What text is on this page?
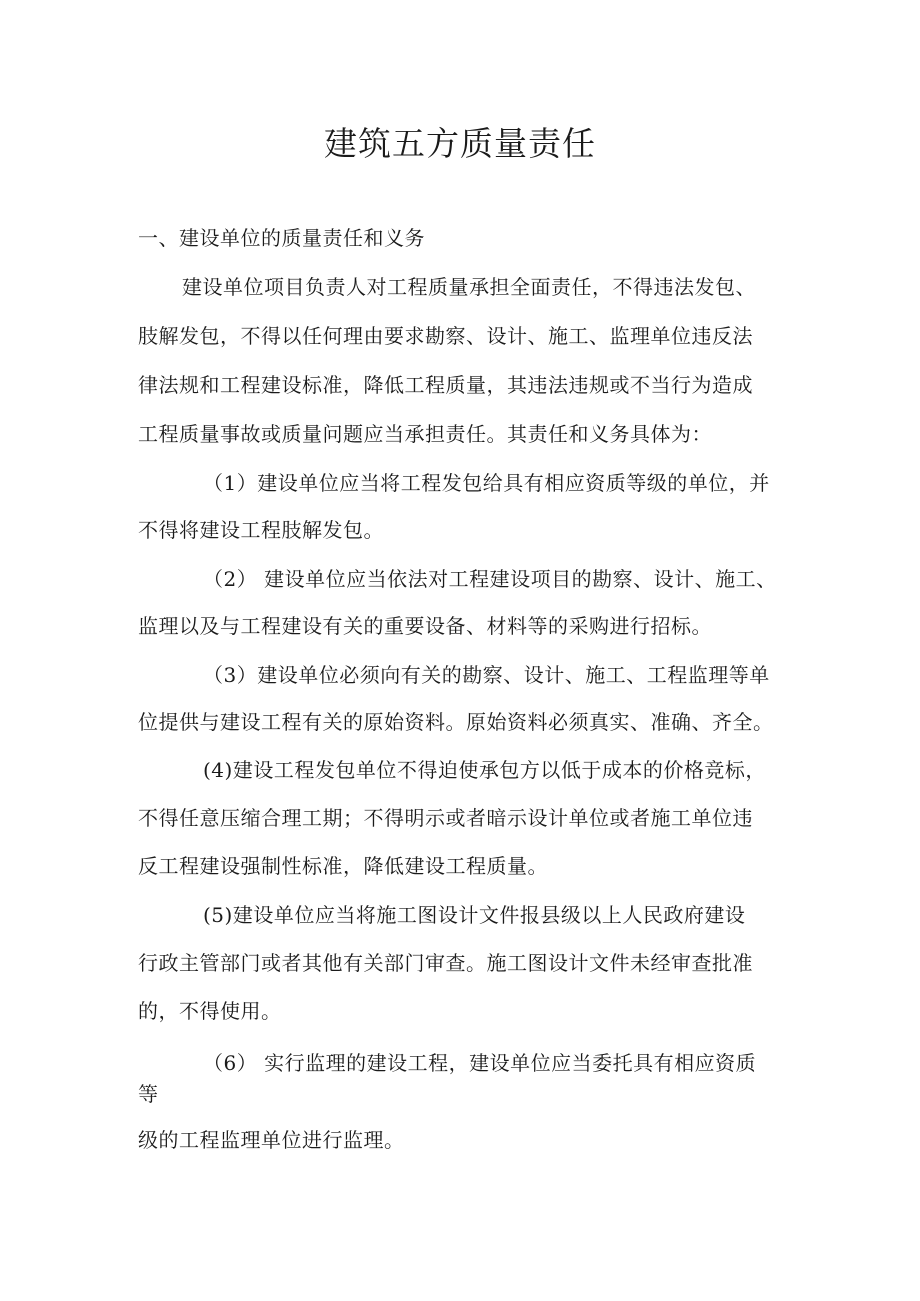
建筑五方质量责任

一、建设单位的质量责任和义务

建设单位项目负责人对工程质量承担全面责任，不得违法发包、

肢解发包，不得以任何理由要求勘察、设计、施工、监理单位违反法

律法规和工程建设标准，降低工程质量，其违法违规或不当行为造成

工程质量事故或质量问题应当承担责任。其责任和义务具体为：

（1）建设单位应当将工程发包给具有相应资质等级的单位，并

不得将建设工程肢解发包。

（2） 建设单位应当依法对工程建设项目的勘察、设计、施工、

监理以及与工程建设有关的重要设备、材料等的采购进行招标。

（3）建设单位必须向有关的勘察、设计、施工、工程监理等单

位提供与建设工程有关的原始资料。原始资料必须真实、准确、齐全。

(4)建设工程发包单位不得迫使承包方以低于成本的价格竞标，

不得任意压缩合理工期；不得明示或者暗示设计单位或者施工单位违

反工程建设强制性标准，降低建设工程质量。

(5)建设单位应当将施工图设计文件报县级以上人民政府建设

行政主管部门或者其他有关部门审查。施工图设计文件未经审查批准

的，不得使用。

（6） 实行监理的建设工程，建设单位应当委托具有相应资质

等

级的工程监理单位进行监理。
